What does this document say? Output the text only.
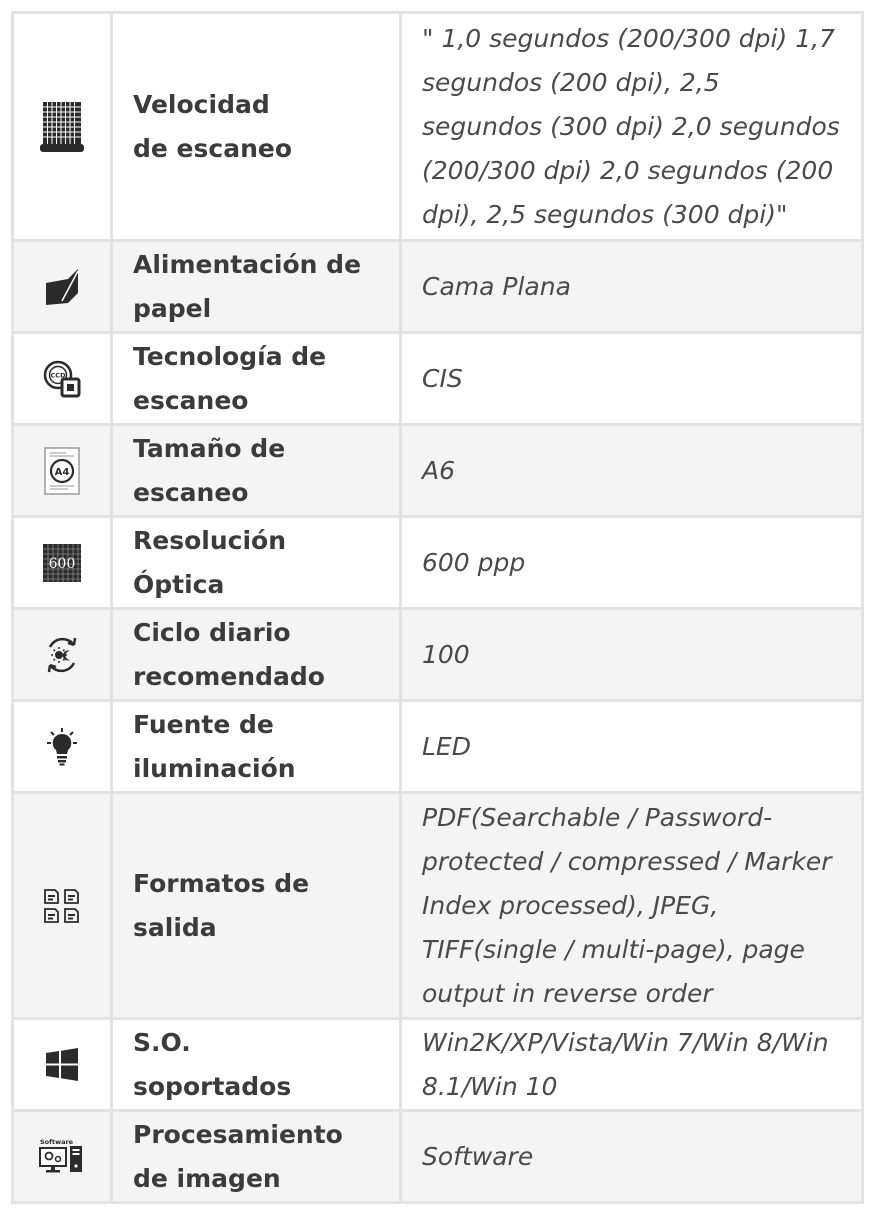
Velocidad de escaneo	" 1,0 segundos (200/300 dpi) 1,7 segundos (200 dpi), 2,5 segundos (300 dpi) 2,0 segundos (200/300 dpi) 2,0 segundos (200 dpi), 2,5 segundos (300 dpi)"

Alimentación de papel	Cama Plana

CCD	Tecnología de escaneo	CIS

A4	Tamaño de escaneo	A6

600	Resolución Óptica	600 ppp

Ciclo diario recomendado	100

Fuente de iluminación	LED

Formatos de salida	PDF(Searchable / Password-protected / compressed / Marker Index processed), JPEG, TIFF(single / multi-page), page output in reverse order

S.O. soportados	Win2K/XP/Vista/Win 7/Win 8/Win 8.1/Win 10

Software	Procesamiento de imagen	Software
